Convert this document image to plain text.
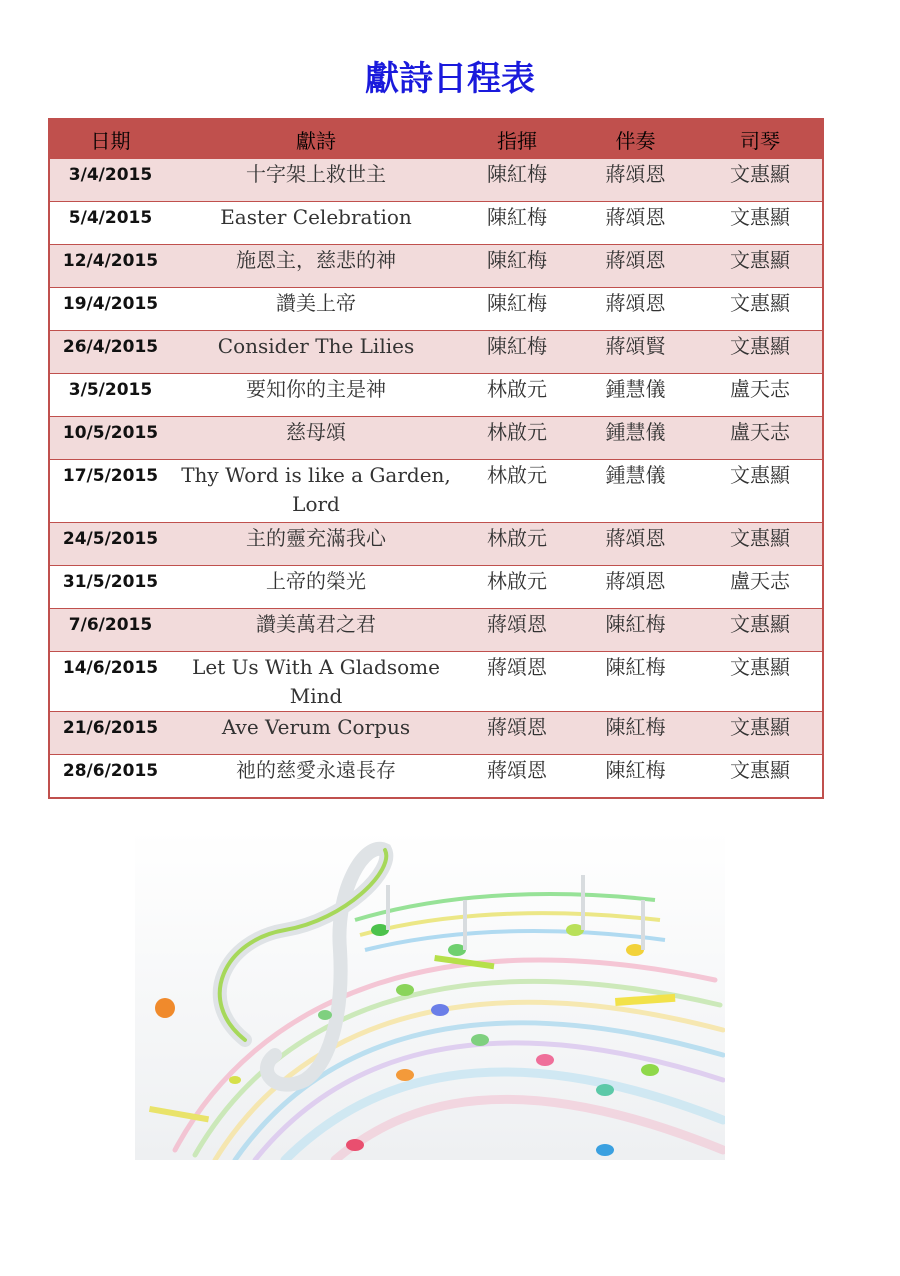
獻詩日程表
日期	獻詩	指揮	伴奏	司琴
3/4/2015	十字架上救世主	陳紅梅	蔣頌恩	文惠顯
5/4/2015	Easter Celebration	陳紅梅	蔣頌恩	文惠顯
12/4/2015	施恩主，慈悲的神	陳紅梅	蔣頌恩	文惠顯
19/4/2015	讚美上帝	陳紅梅	蔣頌恩	文惠顯
26/4/2015	Consider The Lilies	陳紅梅	蔣頌賢	文惠顯
3/5/2015	要知你的主是神	林啟元	鍾慧儀	盧天志
10/5/2015	慈母頌	林啟元	鍾慧儀	盧天志
17/5/2015	Thy Word is like a Garden, Lord	林啟元	鍾慧儀	文惠顯
24/5/2015	主的靈充滿我心	林啟元	蔣頌恩	文惠顯
31/5/2015	上帝的榮光	林啟元	蔣頌恩	盧天志
7/6/2015	讚美萬君之君	蔣頌恩	陳紅梅	文惠顯
14/6/2015	Let Us With A Gladsome Mind	蔣頌恩	陳紅梅	文惠顯
21/6/2015	Ave Verum Corpus	蔣頌恩	陳紅梅	文惠顯
28/6/2015	祂的慈愛永遠長存	蔣頌恩	陳紅梅	文惠顯
